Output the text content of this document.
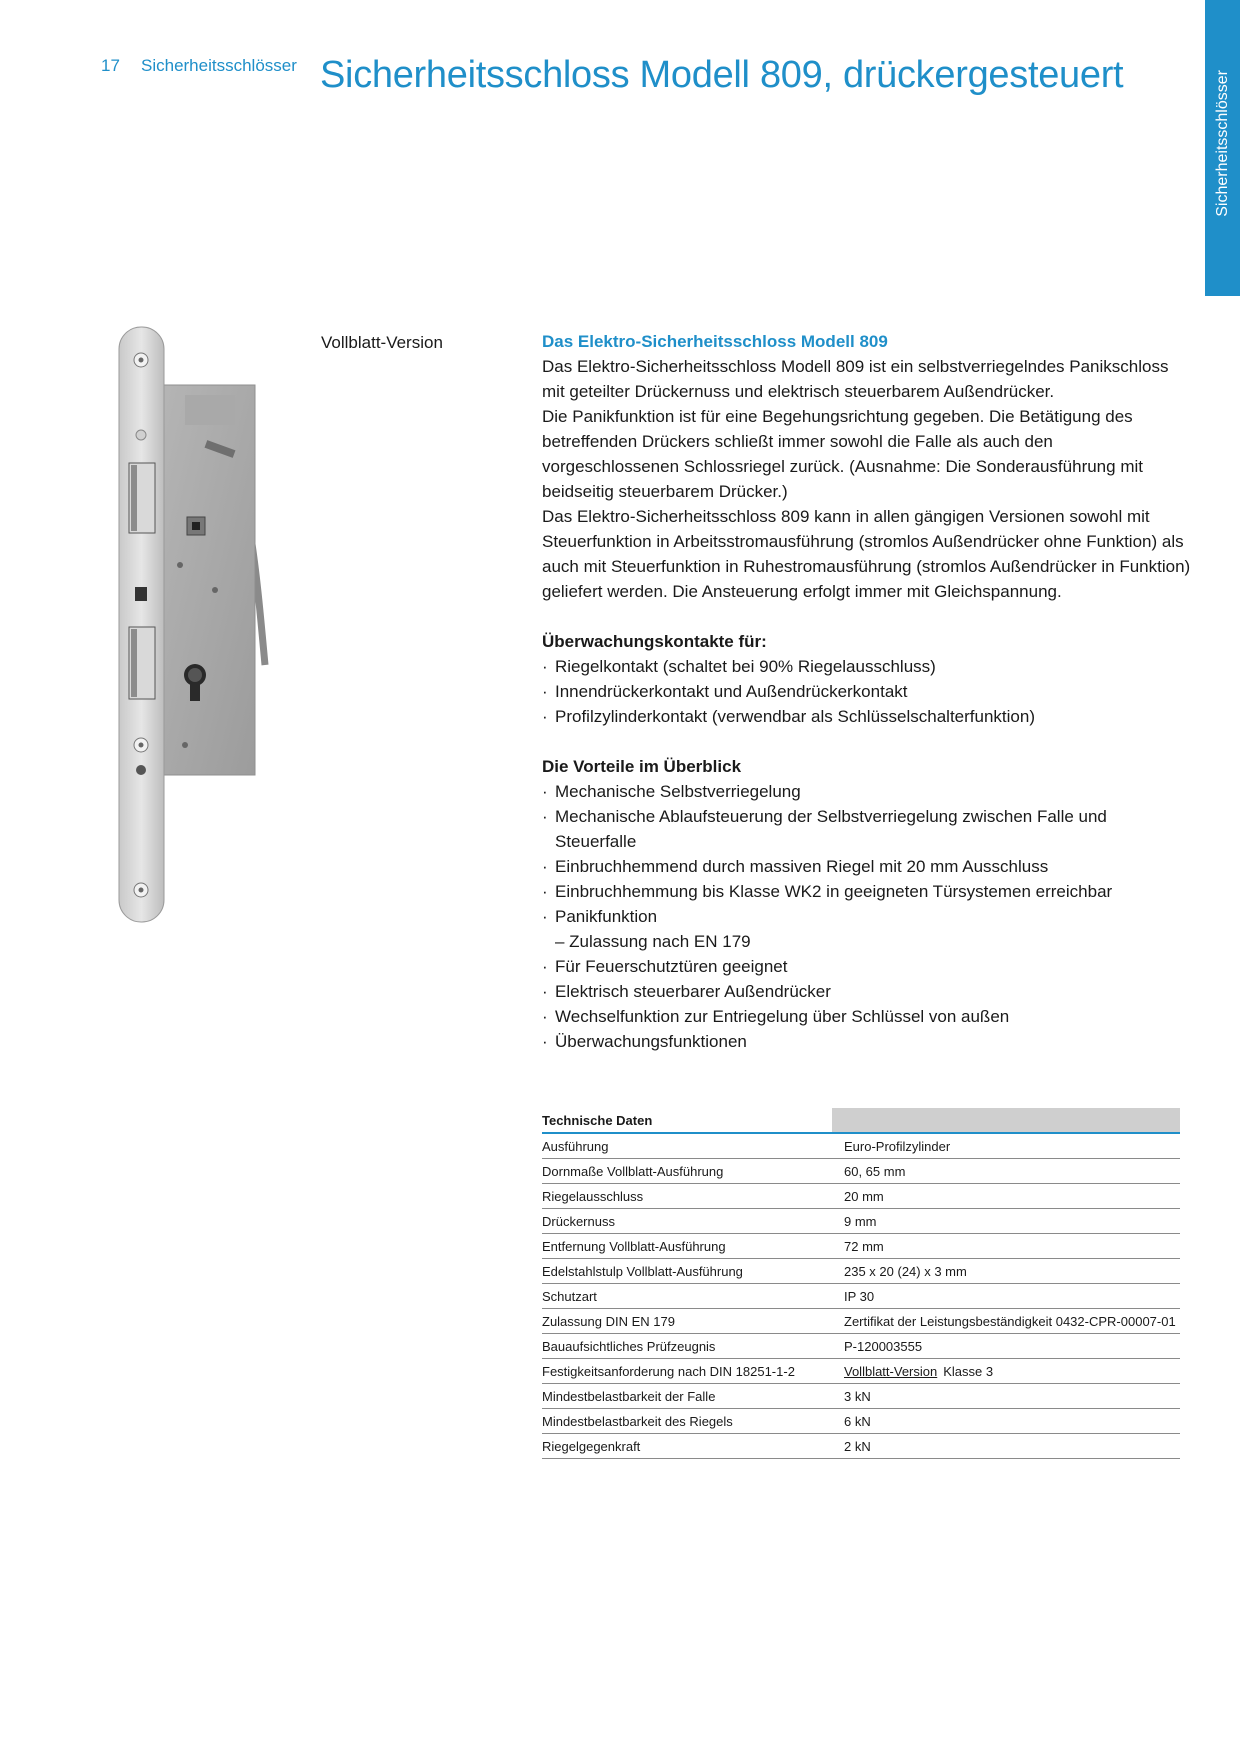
17 Sicherheitsschlösser Sicherheitsschloss Modell 809, drückergesteuert	Sicherheitsschlösser
Vollblatt-Version	Das Elektro-Sicherheitsschloss Modell 809

Das Elektro-Sicherheitsschloss Modell 809 ist ein selbstverriegelndes Panikschloss mit geteilter Drückernuss und elektrisch steuerbarem Außendrücker.

Die Panikfunktion ist für eine Begehungsrichtung gegeben. Die Betätigung des betreffenden Drückers schließt immer sowohl die Falle als auch den vorgeschlossenen Schlossriegel zurück. (Ausnahme: Die Sonderausführung mit beidseitig steuerbarem Drücker.)

Das Elektro-Sicherheitsschloss 809 kann in allen gängigen Versionen sowohl mit Steuerfunktion in Arbeitsstromausführung (stromlos Außendrücker ohne Funktion) als auch mit Steuerfunktion in Ruhestromausführung (stromlos Außendrücker in Funktion) geliefert werden. Die Ansteuerung erfolgt immer mit Gleichspannung.

Überwachungskontakte für:
· Riegelkontakt (schaltet bei 90% Riegelausschluss)
· Innendrückerkontakt und Außendrückerkontakt
· Profilzylinderkontakt (verwendbar als Schlüsselschalterfunktion)
Die Vorteile im Überblick
· Mechanische Selbstverriegelung
· Mechanische Ablaufsteuerung der Selbstverriegelung zwischen Falle und Steuerfalle
· Einbruchhemmend durch massiven Riegel mit 20 mm Ausschluss
· Einbruchhemmung bis Klasse WK2 in geeigneten Türsystemen erreichbar
· Panikfunktion
– Zulassung nach EN 179
· Für Feuerschutztüren geeignet
· Elektrisch steuerbarer Außendrücker
· Wechselfunktion zur Entriegelung über Schlüssel von außen
· Überwachungsfunktionen
Technische Daten		
Ausführung		Euro-Profilzylinder
Dornmaße Vollblatt-Ausführung		60, 65 mm
Riegelausschluss		20 mm
Drückernuss		9 mm
Entfernung Vollblatt-Ausführung		72 mm
Edelstahlstulp Vollblatt-Ausführung		235 x 20 (24) x 3 mm
Schutzart		IP 30
Zulassung DIN EN 179		Zertifikat der Leistungsbeständigkeit 0432-CPR-00007-01
Bauaufsichtliches Prüfzeugnis		P-120003555
Festigkeitsanforderung nach DIN 18251-1-2		Vollblatt-Version Klasse 3
Mindestbelastbarkeit der Falle		3 kN
Mindestbelastbarkeit des Riegels		6 kN
Riegelgegenkraft		2 kN
